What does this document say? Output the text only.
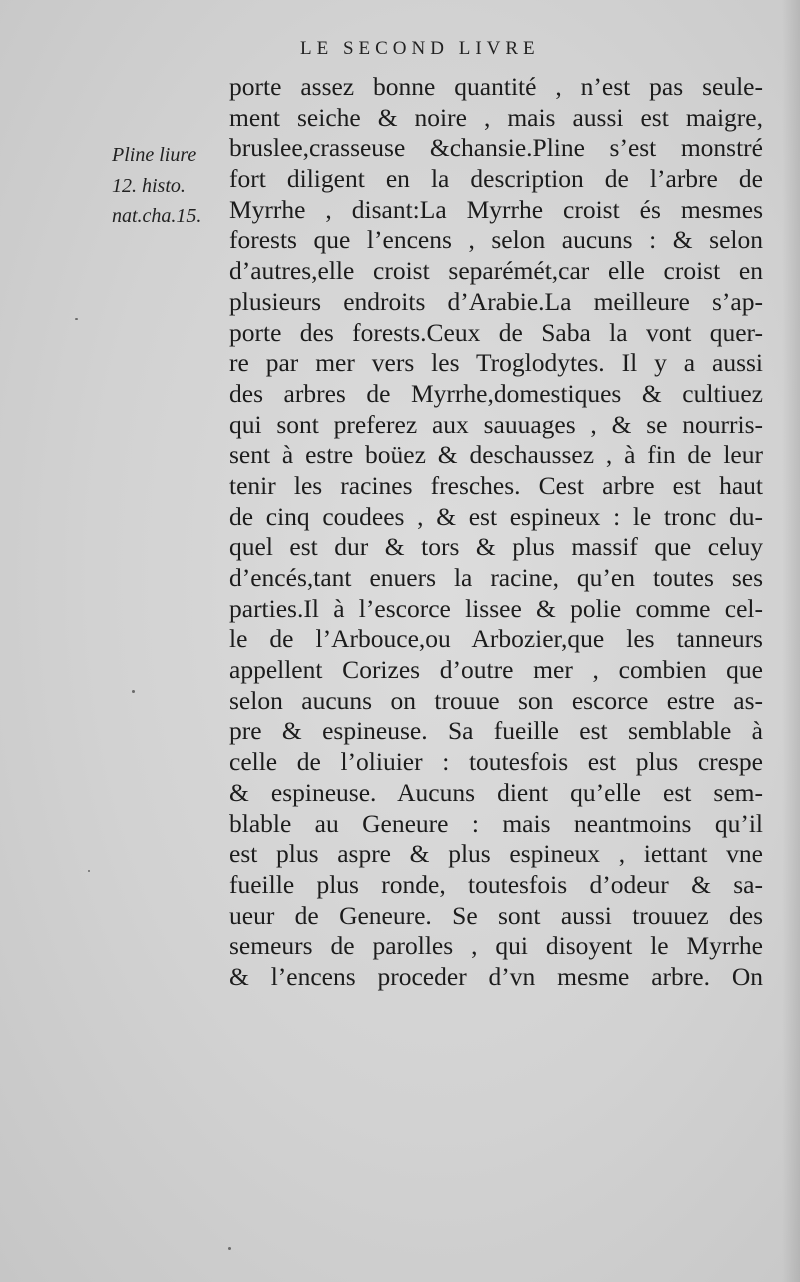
LE SECOND LIVRE
Pline liure
12. histo.
nat.cha.15.
porte assez bonne quantité , n’est pas seule-
ment seiche & noire , mais aussi est maigre,
bruslee,crasseuse &chansie.Pline s’est monstré
fort diligent en la description de l’arbre de
Myrrhe , disant:La Myrrhe croist és mesmes
forests que l’encens , selon aucuns : & selon
d’autres,elle croist separémét,car elle croist en
plusieurs endroits d’Arabie.La meilleure s’ap-
porte des forests.Ceux de Saba la vont quer-
re par mer vers les Troglodytes. Il y a aussi
des arbres de Myrrhe,domestiques & cultiuez
qui sont preferez aux sauuages , & se nourris-
sent à estre boüez & deschaussez , à fin de leur
tenir les racines fresches. Cest arbre est haut
de cinq coudees , & est espineux : le tronc du-
quel est dur & tors & plus massif que celuy
d’encés,tant enuers la racine, qu’en toutes ses
parties.Il à l’escorce lissee & polie comme cel-
le de l’Arbouce,ou Arbozier,que les tanneurs
appellent Corizes d’outre mer , combien que
selon aucuns on trouue son escorce estre as-
pre & espineuse. Sa fueille est semblable à
celle de l’oliuier : toutesfois est plus crespe
& espineuse. Aucuns dient qu’elle est sem-
blable au Geneure : mais neantmoins qu’il
est plus aspre & plus espineux , iettant vne
fueille plus ronde, toutesfois d’odeur & sa-
ueur de Geneure. Se sont aussi trouuez des
semeurs de parolles , qui disoyent le Myrrhe
& l’encens proceder d’vn mesme arbre. On
